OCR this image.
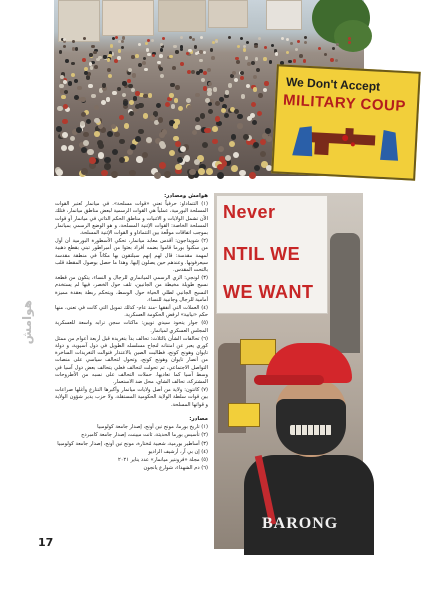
We Don't Accept
MILITARY COUP
هوامش
17

هوامش ومصادر:

(١) التتماداو: حرفياً تعني «قوات مسلحة». في ميانمار تُعتبر القوات المسلحة البورمية، عملياً هي القوات الرسمية لبعض مناطق ميانمار، فتلك الأن تشمل الولايات و الاثنيات و مناطق الحكم الذاتي في ميانمار أو قوات المسلحة الخاصة: القوات الإثنية المسلحة، و هو الوضع الرسمي بميانمار بموجب اتفاقات موقّعة بين التتماداو و القوات الإثنية المسلحة.

(٢) شويداجون: أقدس معابد ميانمار، تحكي الأسطورة البورمية أن أول من سكنوا بورما قاموا بضمه أفراد بعثوا من أمبراطور تبني بقطع دهبية لمهمة مقدسة: قال لهم إنهم سيلتقون بها مكاناً في منطقة مقدسة سيعرفونها. وعندهم حين يصلون إليها. وهذا ما حصل بوصول المقطة قلب بالتحت المقدس.

(٣) لونجي: الزي الرسمي الميانماري للرجال و النساء، يتكون من قطعة نسيج طويلة مخيطة من الجانبين، تلف حول الخصر، فيها لم يستخدم النسيج الجانبي لطلي الحياة حول الوسط، ويتحكم ربطة بعقدة مميزة أمامية للرجال وجانبية للنساء.

(٤) العملات التي أنفقها -منذ عام- كذلك تمويل التي كانت في تعنى، منها حكم «نيابية» لرفض الحكومة العسكرية.

(٥) جواز يتحوذ سيدي تويين: ماكنات سجن ترابه واسعة للعسكرية المجلس العسكري لميانمار.

(٦) تحالفات الشأن بالثلاث: تحالف بدأ بتغريدة قبل أربعة أعوام من ممثل كوري يعبر عن امتنانه لنجاح مسلسله الطويل في دول آسيوية، و دولة تايوان وهونج كونج، فطالبت الصين بالاعتذار فتوالت التغريدات الساخرة من أنصار تايوان وهونج كونج، وتحول لتحالف سياسي على منصات التواصل الاجتماعي، ثم تحولت لتحالف فعلي يتحالف بعض دول آسيا في وسط آسيا كما تعاديها. حملات التحالف على نسبه من الأطروحات المشتركة، تحالف الشاي، محل ضد الاستعمار.

(٧) كانتون: ولاية من أصل ولايات ميانمار وأكبرها التنازع وأغلها صراعات بين قوات سلطة الولاية الحكومية المستقلة، ولا حزب يدير شؤون الولاية و قواتها المسلحة.

مصادر:

(١) تاريخ بورما، مونج تين أونج، إصدار جامعة كولومبيا

(٢) تأسيس بورما الحديثة، ثانت ميينت، إصدار جامعة كامبردج

(٣) أساطير بورمية، شعبية مُختارة، مونج تين أونج، إصدار جامعة كولومبيا

(٤) إن بي آر، أرشيف الراديو

(٥) مجلة «فرونتير ميانمار» عدد يناير ٢٠٢١

(٦) دم الشهداء، شوارع يانجون

Never
NTIL WE
WE WANT
BARONG
